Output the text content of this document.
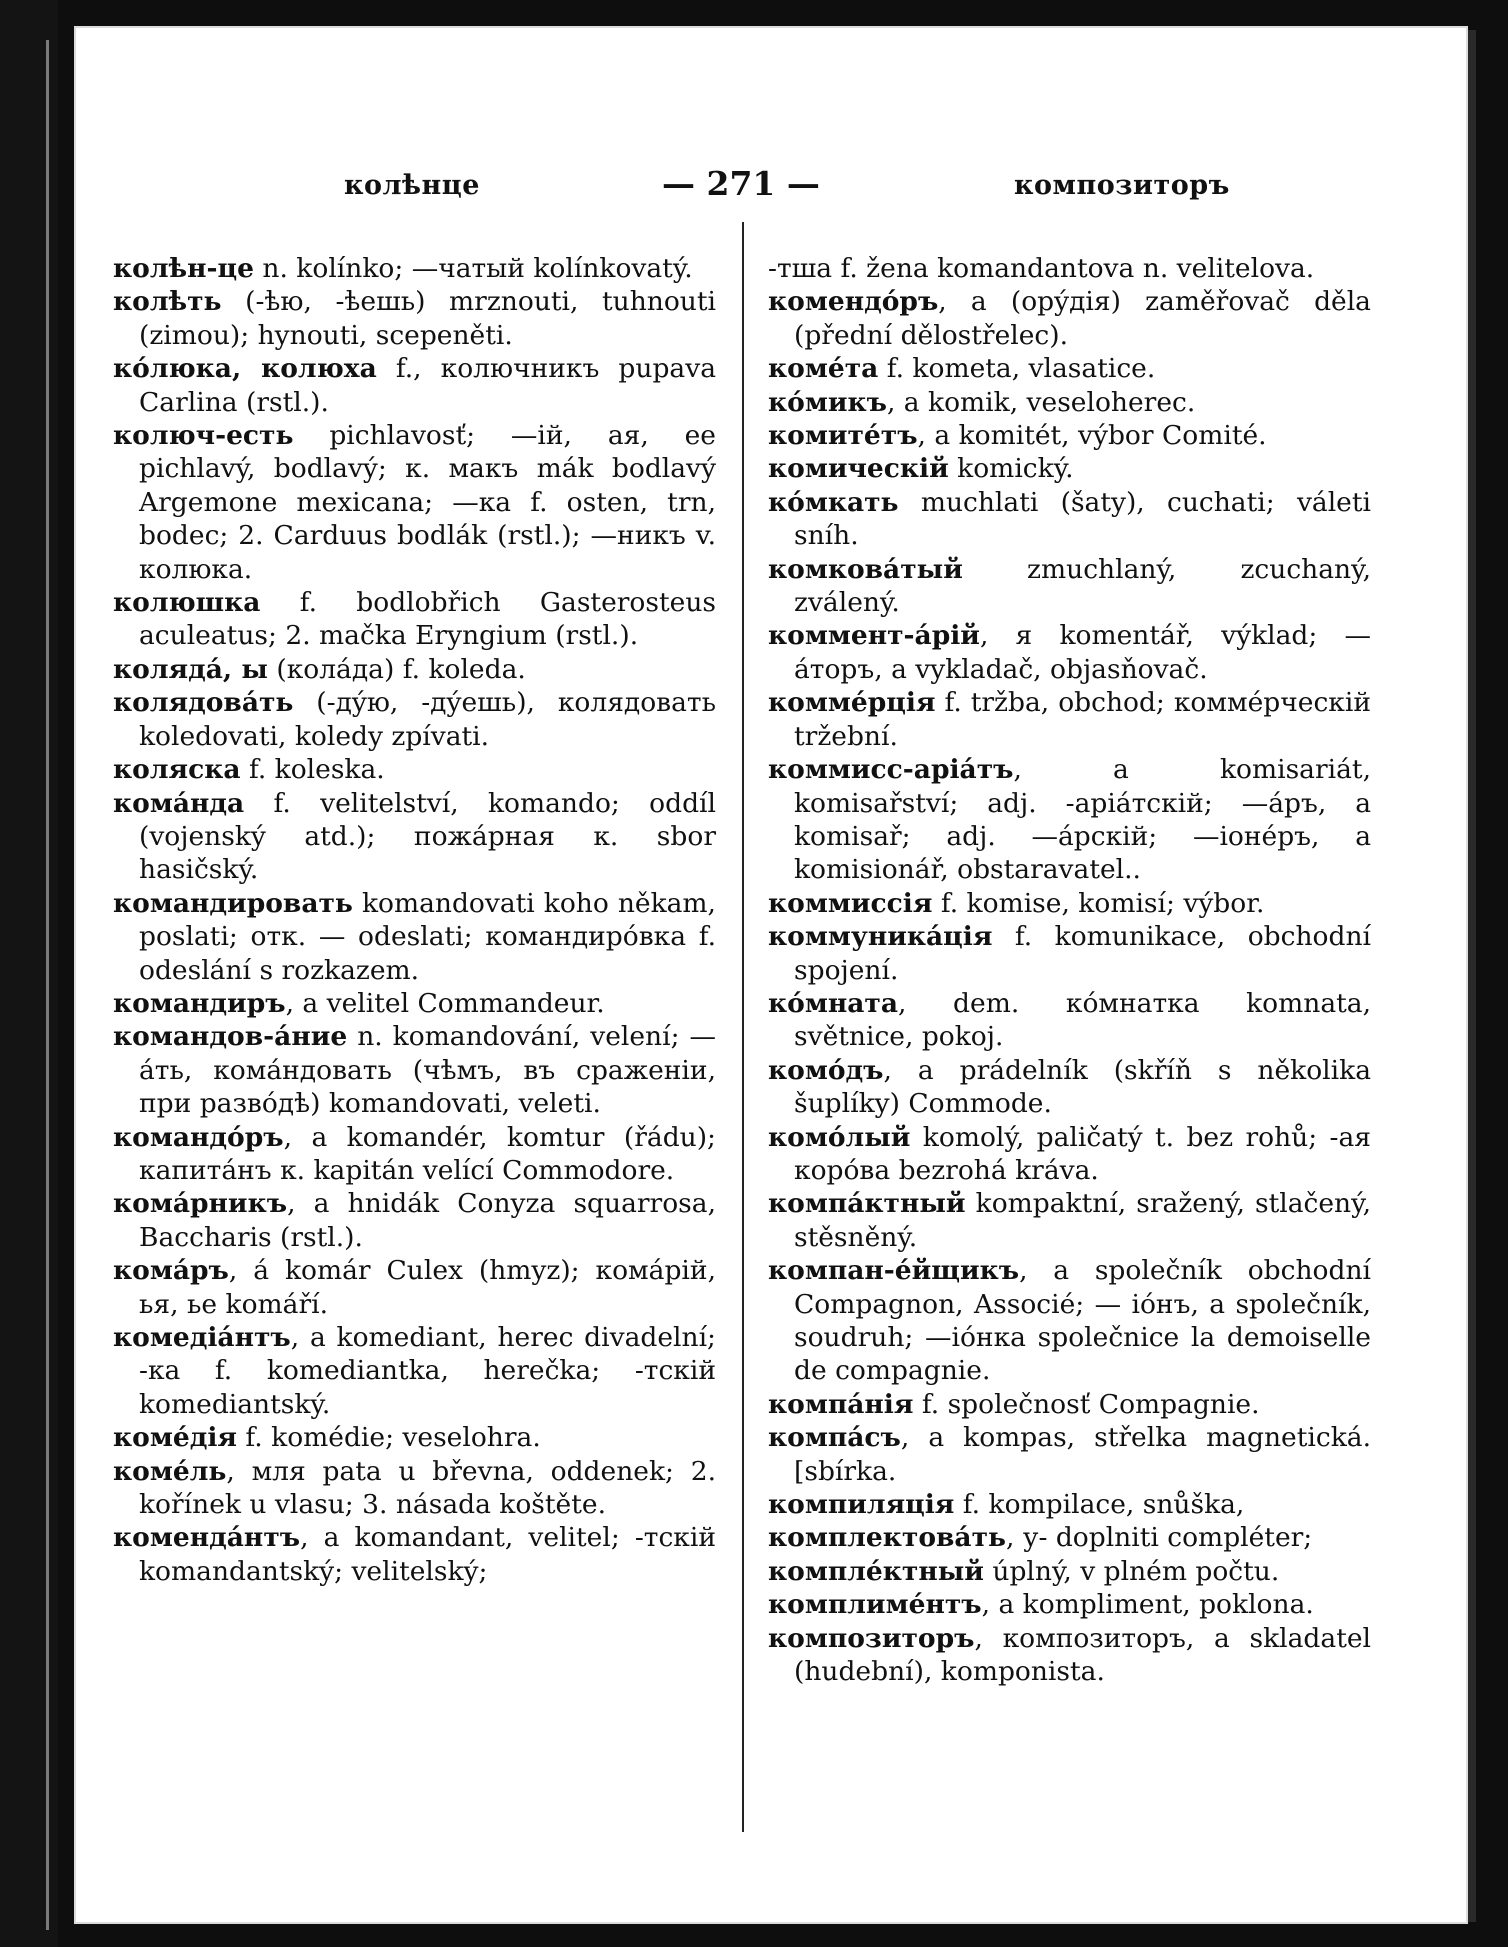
колѣнце	— 271 —	композиторъ

колѣн-це n. kolínko; —чатый kolínkovatý.

колѣть (-ѣю, -ѣешь) mrznouti, tuhnouti (zimou); hynouti, scepeněti.

кóлюка, колюха f., колючникъ pupava Carlina (rstl.).

колюч-есть pichlavosť; —ій, ая, ее pichlavý, bodlavý; к. макъ mák bodlavý Argemone mexicana; —ка f. osten, trn, bodec; 2. Carduus bodlák (rstl.); —никъ v. колюка.

колюшка f. bodlobřich Gasterosteus aculeatus; 2. mačka Eryngium (rstl.).

колядá, ы (колáда) f. koleda.

колядовáть (-дýю, -дýешь), колядовать koledovati, koledy zpívati.

коляска f. koleska.

комáнда f. velitelství, komando; oddíl (vojenský atd.); пожáрная к. sbor hasičský.

командировать komandovati koho někam, poslati; отк. — odeslati; командирóвка f. odeslání s rozkazem.

командиръ, a velitel Commandeur.

командов-áние n. komandování, velení; —áть, комáндовать (чѣмъ, въ сраженіи, при развóдѣ) komandovati, veleti.

командóръ, a komandér, komtur (řádu); капитáнъ к. kapitán velící Commodore.

комáрникъ, a hnidák Conyza squarrosa, Baccharis (rstl.).

комáръ, á komár Culex (hmyz); комáрій, ья, ье komáří.

комедіáнтъ, a komediant, herec divadelní; -ка f. komediantka, herečka; -тскій komediantský.

комéдія f. komédie; veselohra.

комéль, мля pata u břevna, oddenek; 2. kořínek u vlasu; 3. násada koštěte.

комендáнтъ, a komandant, velitel; -тскій komandantský; velitelský;

-тша f. žena komandantova n. velitelova.

комендóръ, a (орýдія) zaměřovač děla (přední dělostřelec).

комéта f. kometa, vlasatice.

кóмикъ, a komik, veseloherec.

комитéтъ, a komitét, výbor Comité.

комическій komický.

кóмкать muchlati (šaty), cuchati; váleti sníh.

комковáтый zmuchlaný, zcuchaný, zválený.

коммент-áрій, я komentář, výklad; —áторъ, a vykladač, objasňovač.

коммéрція f. tržba, obchod; коммéрческій tržební.

коммисс-аріáтъ, a komisariát, komisařství; adj. -аріáтскій; —áръ, a komisař; adj. —áрскій; —іонéръ, a komisionář, obstaravatel..

коммиссія f. komise, komisí; výbor.

коммуникáція f. komunikace, obchodní spojení.

кóмната, dem. кóмнатка komnata, světnice, pokoj.

комóдъ, a prádelník (skříň s několika šuplíky) Commode.

комóлый komolý, paličatý t. bez rohů; -ая корóва bezrohá kráva.

компáктный kompaktní, sražený, stlačený, stěsněný.

компан-éйщикъ, a společník obchodní Compagnon, Associé; — іóнъ, a společník, soudruh; —іóнка společnice la demoiselle de compagnie.

компáнія f. společnosť Compagnie.

компáсъ, a kompas, střelka magnetická. [sbírka.

компиляція f. kompilace, snůška,

комплектовáть, у- doplniti compléter;

комплéктный úplný, v plném počtu.

комплимéнтъ, a kompliment, poklona.

композиторъ, композиторъ, a skladatel (hudební), komponista.
